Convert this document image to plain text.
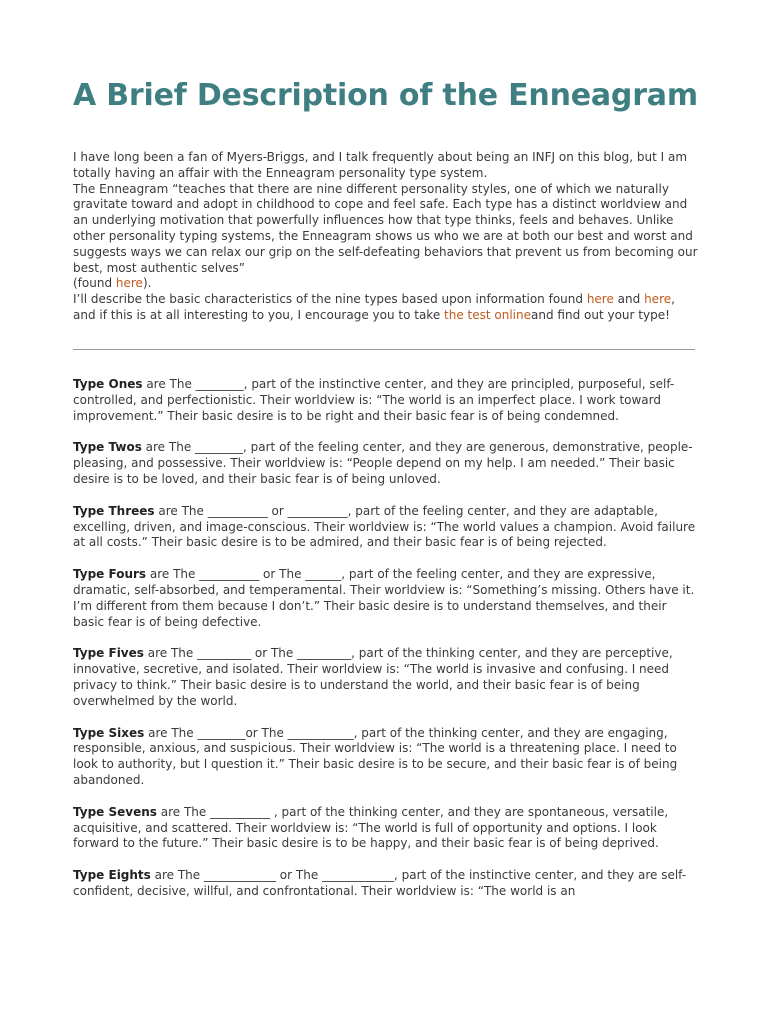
A Brief Description of the Enneagram

I have long been a fan of Myers-Briggs, and I talk frequently about being an INFJ on this blog, but I am totally having an affair with the Enneagram personality type system.

The Enneagram “teaches that there are nine different personality styles, one of which we naturally gravitate toward and adopt in childhood to cope and feel safe. Each type has a distinct worldview and an underlying motivation that powerfully influences how that type thinks, feels and behaves. Unlike other personality typing systems, the Enneagram shows us who we are at both our best and worst and suggests ways we can relax our grip on the self-defeating behaviors that prevent us from becoming our best, most authentic selves”

(found here).

I’ll describe the basic characteristics of the nine types based upon information found here and here, and if this is at all interesting to you, I encourage you to take the test onlineand find out your type!

Type Ones are The ________, part of the instinctive center, and they are principled, purposeful, self-controlled, and perfectionistic. Their worldview is: “The world is an imperfect place. I work toward improvement.” Their basic desire is to be right and their basic fear is of being condemned.

Type Twos are The ________, part of the feeling center, and they are generous, demonstrative, people-pleasing, and possessive. Their worldview is: “People depend on my help. I am needed.” Their basic desire is to be loved, and their basic fear is of being unloved.

Type Threes are The __________ or __________, part of the feeling center, and they are adaptable, excelling, driven, and image-conscious. Their worldview is: “The world values a champion. Avoid failure at all costs.” Their basic desire is to be admired, and their basic fear is of being rejected.

Type Fours are The __________ or The ______, part of the feeling center, and they are expressive, dramatic, self-absorbed, and temperamental. Their worldview is: “Something’s missing. Others have it. I’m different from them because I don’t.” Their basic desire is to understand themselves, and their basic fear is of being defective.

Type Fives are The _________ or The _________, part of the thinking center, and they are perceptive, innovative, secretive, and isolated. Their worldview is: “The world is invasive and confusing. I need privacy to think.” Their basic desire is to understand the world, and their basic fear is of being overwhelmed by the world.

Type Sixes are The ________or The ___________, part of the thinking center, and they are engaging, responsible, anxious, and suspicious. Their worldview is: “The world is a threatening place. I need to look to authority, but I question it.” Their basic desire is to be secure, and their basic fear is of being abandoned.

Type Sevens are The __________ , part of the thinking center, and they are spontaneous, versatile, acquisitive, and scattered. Their worldview is: “The world is full of opportunity and options. I look forward to the future.” Their basic desire is to be happy, and their basic fear is of being deprived.

Type Eights are The ____________ or The ____________, part of the instinctive center, and they are self-confident, decisive, willful, and confrontational. Their worldview is: “The world is an
